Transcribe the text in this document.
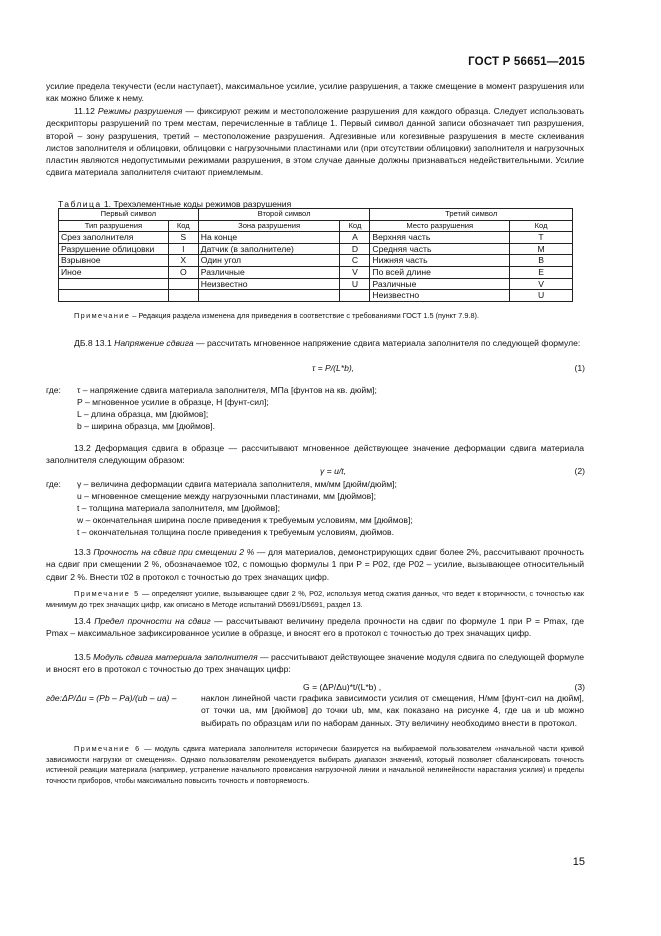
ГОСТ Р 56651—2015
усилие предела текучести (если наступает), максимальное усилие, усилие разрушения, а также смещение в момент разрушения или как можно ближе к нему.
11.12 Режимы разрушения — фиксируют режим и местоположение разрушения для каждого образца. Следует использовать дескрипторы разрушений по трем местам, перечисленные в таблице 1. Первый символ данной записи обозначает тип разрушения, второй – зону разрушения, третий – местоположение разрушения. Адгезивные или когезивные разрушения в месте склеивания листов заполнителя и облицовки, облицовки с нагрузочными пластинами или (при отсутствии облицовки) заполнителя и нагрузочных пластин являются недопустимыми режимами разрушения, в этом случае данные должны признаваться недействительными. Усилие сдвига материала заполнителя считают приемлемым.
Таблица 1. Трехэлементные коды режимов разрушения
Первый символ		Второй символ		Третий символ	
Тип разрушения	Код	Зона разрушения	Код	Место разрушения	Код
Срез заполнителя	S	На конце	A	Верхняя часть	T
Разрушение облицовки	I	Датчик (в заполнителе)	D	Средняя часть	M
Взрывное	X	Один угол	C	Нижняя часть	B
Иное	O	Различные	V	По всей длине	E
		Неизвестно	U	Различные	V
				Неизвестно	U
Примечание – Редакция раздела изменена для приведения в соответствие с требованиями ГОСТ 1.5 (пункт 7.9.8).
ДБ.8 13.1 Напряжение сдвига — рассчитать мгновенное напряжение сдвига материала заполнителя по следующей формуле:
τ = P/(L*b),	(1)
где: τ – напряжение сдвига материала заполнителя, МПа [фунтов на кв. дюйм];
P – мгновенное усилие в образце, Н [фунт-сил];
L – длина образца, мм [дюймов];
b – ширина образца, мм [дюймов].
13.2 Деформация сдвига в образце — рассчитывают мгновенное действующее значение деформации сдвига материала заполнителя следующим образом:
γ = u/t,	(2)
где: γ – величина деформации сдвига материала заполнителя, мм/мм [дюйм/дюйм];
u – мгновенное смещение между нагрузочными пластинами, мм [дюймов];
t – толщина материала заполнителя, мм [дюймов];
w – окончательная ширина после приведения к требуемым условиям, мм [дюймов];
t – окончательная толщина после приведения к требуемым условиям, дюймов.
13.3 Прочность на сдвиг при смещении 2 % — для материалов, демонстрирующих сдвиг более 2%, рассчитывают прочность на сдвиг при смещении 2 %, обозначаемое τ02, с помощью формулы 1 при P = P02, где P02 – усилие, вызывающее относительный сдвиг 2 %. Внести τ02 в протокол с точностью до трех значащих цифр.
Примечание 5 — определяют усилие, вызывающее сдвиг 2 %, P02, используя метод сжатия данных, что ведет к вторичности, с точностью как минимум до трех значащих цифр, как описано в Методе испытаний D5691/D5691, раздел 13.
13.4 Предел прочности на сдвиг — рассчитывают величину предела прочности на сдвиг по формуле 1 при P = Pmax, где Pmax – максимальное зафиксированное усилие в образце, и вносят его в протокол с точностью до трех значащих цифр.
13.5 Модуль сдвига материала заполнителя — рассчитывают действующее значение модуля сдвига по следующей формуле и вносят его в протокол с точностью до трех значащих цифр:
G = (ΔP/Δu)*t/(L*b) ,	(3)
где:ΔP/Δu = (Pb – Pa)/(ub – ua) –	наклон линейной части графика зависимости усилия от смещения, Н/мм [фунт-сил на дюйм], от точки ua, мм [дюймов] до точки ub, мм, как показано на рисунке 4, где ua и ub можно выбирать по образцам или по наборам данных. Эту величину необходимо внести в протокол.
Примечание 6 — модуль сдвига материала заполнителя исторически базируется на выбираемой пользователем «начальной части кривой зависимости нагрузки от смещения». Однако пользователям рекомендуется выбирать диапазон значений, который позволяет сбалансировать точность истинной реакции материала (например, устранение начального провисания нагрузочной линии и начальной нелинейности нарастания усилия) и пределы точности приборов, чтобы максимально повысить точность и повторяемость.
15
